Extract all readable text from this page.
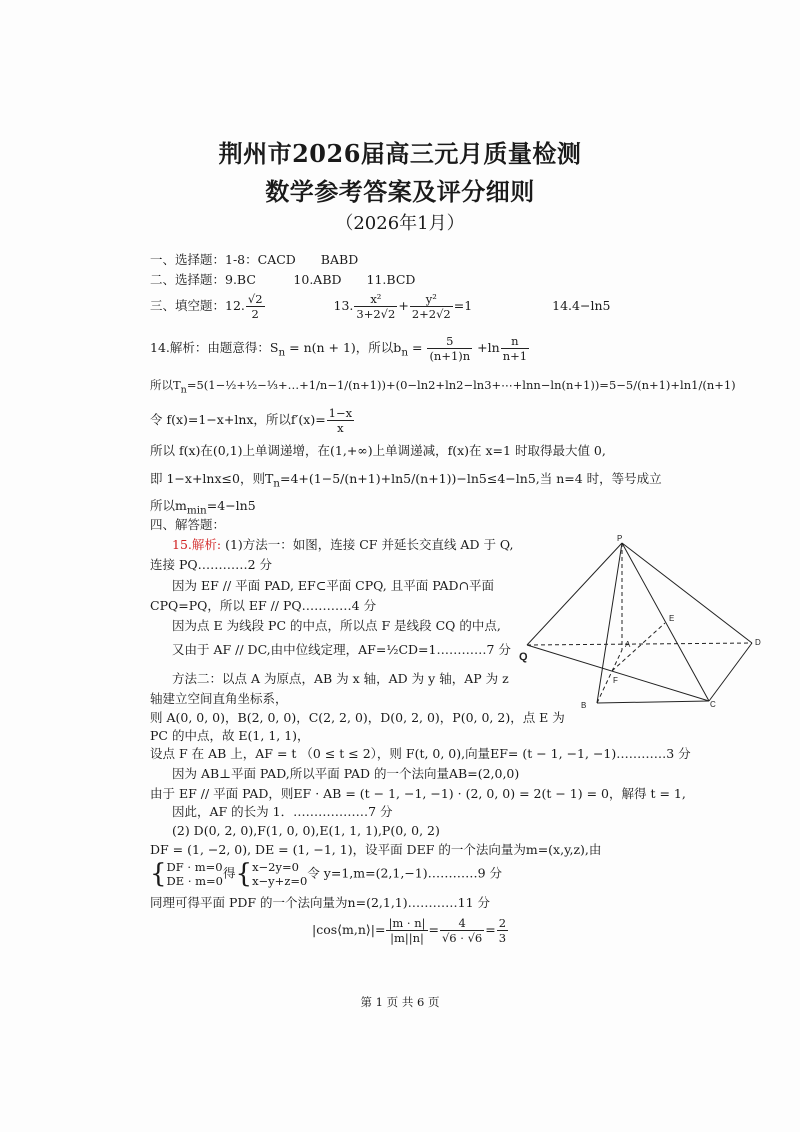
荆州市2026届高三元月质量检测
数学参考答案及评分细则
（2026年1月）
一、选择题：1-8：CACD　　BABD
二、选择题：9.BC　　　10.ABD　　11.BCD
三、填空题：12. $\frac{√2}{2}$	13. $\frac{\text{x²}}{3+2√2} + \frac{\text{y²}}{2+2√2} =1$	14.4−ln5
14.解析：由题意得：$S_n = n(n + 1)$，所以$b_n = \frac{5}{(n+1)n} +\ln \frac{n}{n+1}$
所以$T_n=5(1-\frac{1}{2}+\frac{1}{2}-\frac{1}{3}+\dots+1/n-1/(n+1))+(0-\ln 2+\ln 2-\ln 3+\cdots+\ln n-\ln(n+1))=5-5/(n+1)+\ln 1/(n+1)$
令 f(x)=1−x+lnx，所以$f'(x)= \frac{1-x}{x}$
所以 f(x)在(0,1)上单调递增，在(1,+∞)上单调递减，f(x)在 x=1 时取得最大值 0,
即 1−x+lnx≤0，则$T_n=4+(1-5/(n+1)+\ln 5/(n+1))-\ln 5\le 4-\ln 5$,当 n=4 时，等号成立
所以$m_{min}=4-\ln 5$
四、解答题：
15.解析: (1)方法一：如图，连接 CF 并延长交直线 AD 于 Q,
连接 PQ…………2 分
因为 EF // 平面 PAD, EF⊂平面 CPQ, 且平面 PAD∩平面
CPQ=PQ，所以 EF // PQ…………4 分
因为点 E 为线段 PC 的中点，所以点 F 是线段 CQ 的中点,
又由于 AF // DC,由中位线定理，AF=½CD=1…………7 分
方法二：以点 A 为原点，AB 为 x 轴，AD 为 y 轴，AP 为 z
轴建立空间直角坐标系，
则 A(0, 0, 0)，B(2, 0, 0)，C(2, 2, 0)，D(0, 2, 0)，P(0, 0, 2)，点 E 为
PC 的中点，故 E(1, 1, 1)，
设点 F 在 AB 上，AF = t （0 ≤ t ≤ 2），则 F(t, 0, 0),向量EF= (t − 1, −1, −1)…………3 分
因为 AB⊥平面 PAD,所以平面 PAD 的一个法向量AB=(2,0,0)
由于 EF // 平面 PAD，则EF · AB = (t − 1, −1, −1) · (2, 0, 0) = 2(t − 1) = 0，解得 t = 1,
因此，AF 的长为 1．………………7 分
(2) D(0, 2, 0),F(1, 0, 0),E(1, 1, 1),P(0, 0, 2)
DF = (1, −2, 0), DE = (1, −1, 1)，设平面 DEF 的一个法向量为m=(x,y,z),由
{ DF · m=0
DE · m=0
得{ x−2y=0
x−y+z=0
令 y=1,m=(2,1,−1)…………9 分
同理可得平面 PDF 的一个法向量为n=(2,1,1)…………11 分
|cos⟨m,n⟩|= $\frac{|m \cdot n|}{|m||n|} = \frac{4}{√6 \cdot √6} = \frac{2}{3}$
P
Q
A
B	C
D
E
F
第 1 页 共 6 页
